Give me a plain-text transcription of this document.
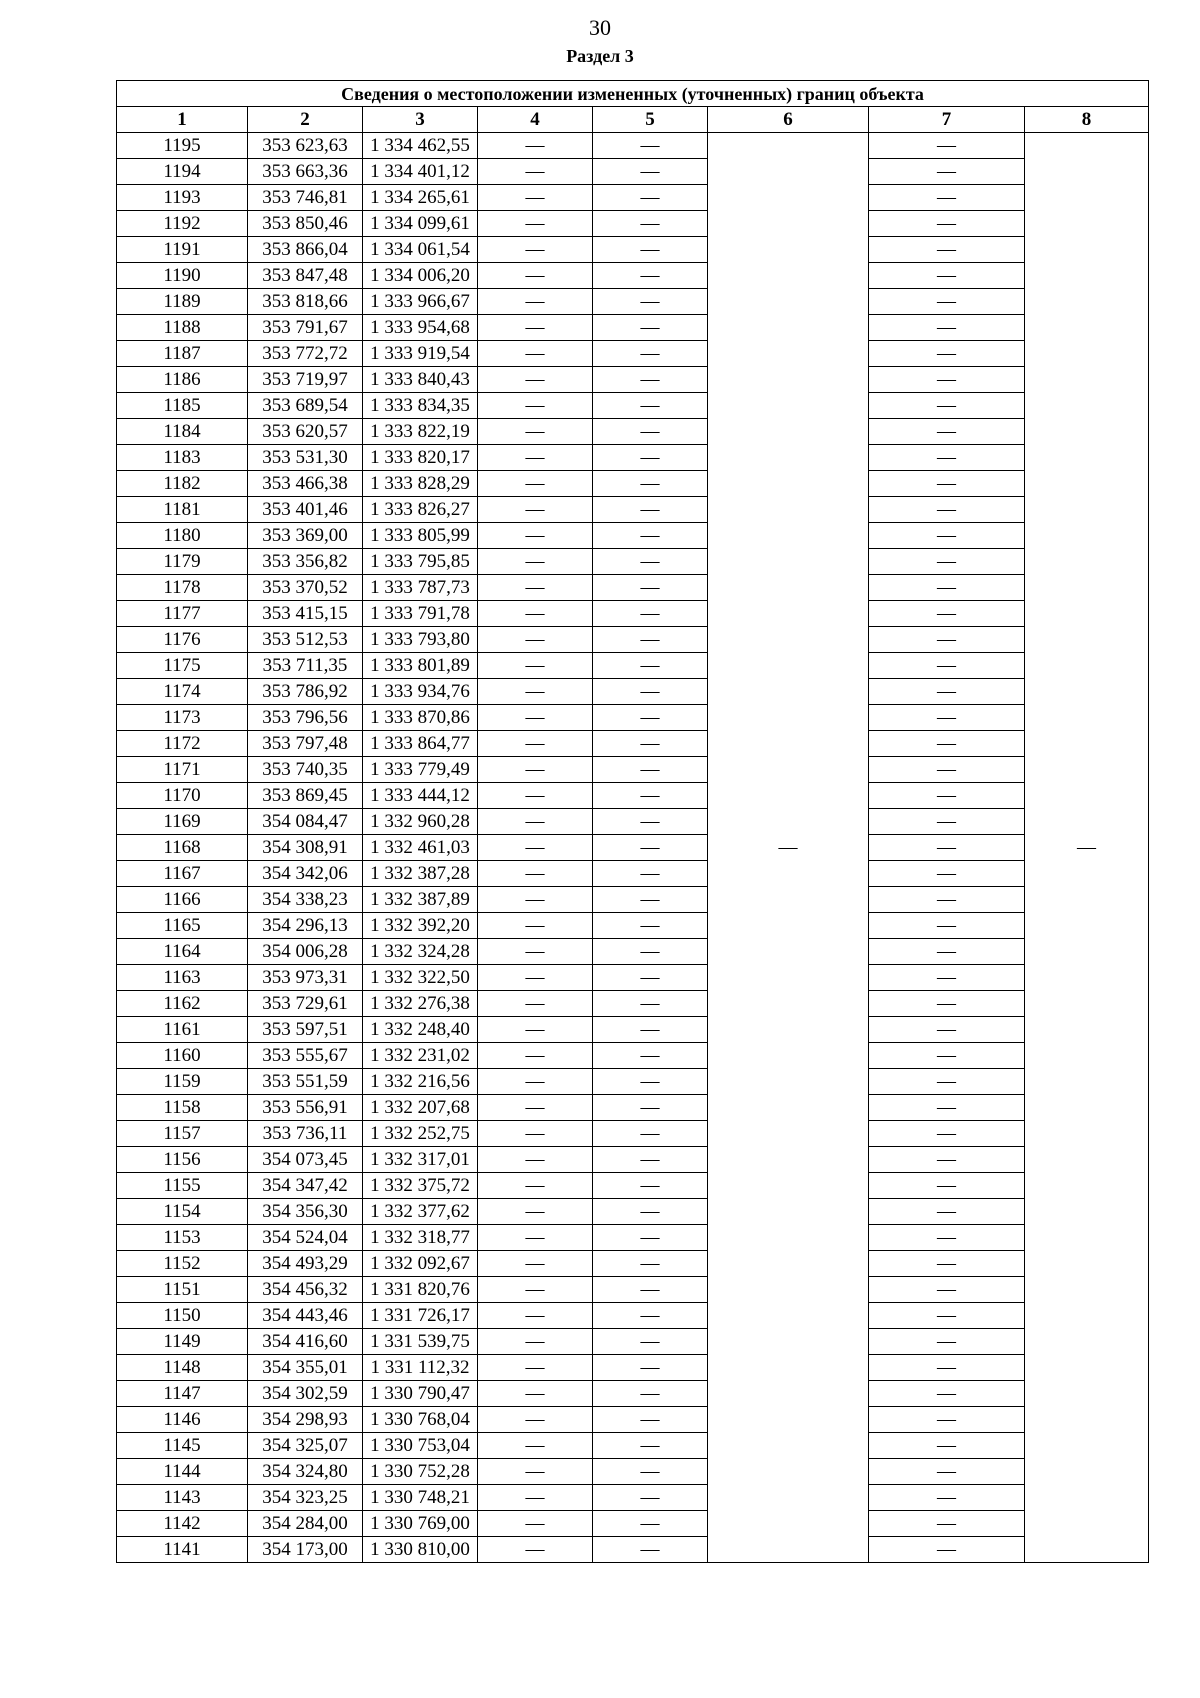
30
Раздел 3
Сведения о местоположении измененных (уточненных) границ объекта							
1	2	3	4	5	6	7	8
1195	353 623,63	1 334 462,55	—	—	—	—	—
1194	353 663,36	1 334 401,12	—	—		—	
1193	353 746,81	1 334 265,61	—	—		—	
1192	353 850,46	1 334 099,61	—	—		—	
1191	353 866,04	1 334 061,54	—	—		—	
1190	353 847,48	1 334 006,20	—	—		—	
1189	353 818,66	1 333 966,67	—	—		—	
1188	353 791,67	1 333 954,68	—	—		—	
1187	353 772,72	1 333 919,54	—	—		—	
1186	353 719,97	1 333 840,43	—	—		—	
1185	353 689,54	1 333 834,35	—	—		—	
1184	353 620,57	1 333 822,19	—	—		—	
1183	353 531,30	1 333 820,17	—	—		—	
1182	353 466,38	1 333 828,29	—	—		—	
1181	353 401,46	1 333 826,27	—	—		—	
1180	353 369,00	1 333 805,99	—	—		—	
1179	353 356,82	1 333 795,85	—	—		—	
1178	353 370,52	1 333 787,73	—	—		—	
1177	353 415,15	1 333 791,78	—	—		—	
1176	353 512,53	1 333 793,80	—	—		—	
1175	353 711,35	1 333 801,89	—	—		—	
1174	353 786,92	1 333 934,76	—	—		—	
1173	353 796,56	1 333 870,86	—	—		—	
1172	353 797,48	1 333 864,77	—	—		—	
1171	353 740,35	1 333 779,49	—	—		—	
1170	353 869,45	1 333 444,12	—	—		—	
1169	354 084,47	1 332 960,28	—	—		—	
1168	354 308,91	1 332 461,03	—	—		—	
1167	354 342,06	1 332 387,28	—	—		—	
1166	354 338,23	1 332 387,89	—	—		—	
1165	354 296,13	1 332 392,20	—	—		—	
1164	354 006,28	1 332 324,28	—	—		—	
1163	353 973,31	1 332 322,50	—	—		—	
1162	353 729,61	1 332 276,38	—	—		—	
1161	353 597,51	1 332 248,40	—	—		—	
1160	353 555,67	1 332 231,02	—	—		—	
1159	353 551,59	1 332 216,56	—	—		—	
1158	353 556,91	1 332 207,68	—	—		—	
1157	353 736,11	1 332 252,75	—	—		—	
1156	354 073,45	1 332 317,01	—	—		—	
1155	354 347,42	1 332 375,72	—	—		—	
1154	354 356,30	1 332 377,62	—	—		—	
1153	354 524,04	1 332 318,77	—	—		—	
1152	354 493,29	1 332 092,67	—	—		—	
1151	354 456,32	1 331 820,76	—	—		—	
1150	354 443,46	1 331 726,17	—	—		—	
1149	354 416,60	1 331 539,75	—	—		—	
1148	354 355,01	1 331 112,32	—	—		—	
1147	354 302,59	1 330 790,47	—	—		—	
1146	354 298,93	1 330 768,04	—	—		—	
1145	354 325,07	1 330 753,04	—	—		—	
1144	354 324,80	1 330 752,28	—	—		—	
1143	354 323,25	1 330 748,21	—	—		—	
1142	354 284,00	1 330 769,00	—	—		—	
1141	354 173,00	1 330 810,00	—	—		—	
